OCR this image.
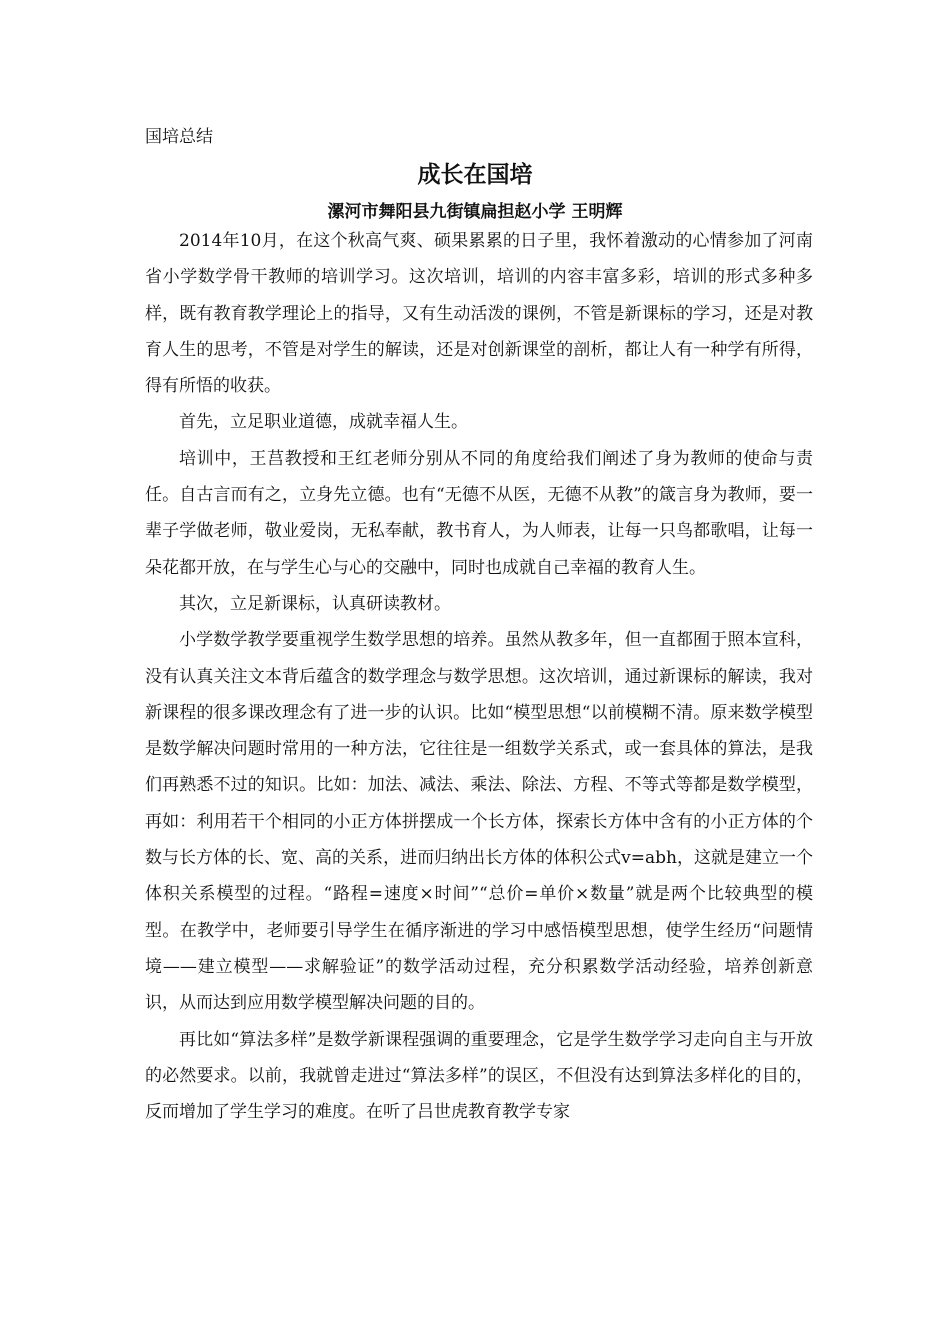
国培总结

成长在国培

漯河市舞阳县九街镇扁担赵小学 王明辉

2014年10月，在这个秋高气爽、硕果累累的日子里，我怀着激动的心情参加了河南省小学数学骨干教师的培训学习。这次培训，培训的内容丰富多彩，培训的形式多种多样，既有教育教学理论上的指导，又有生动活泼的课例，不管是新课标的学习，还是对教育人生的思考，不管是对学生的解读，还是对创新课堂的剖析，都让人有一种学有所得，得有所悟的收获。

首先，立足职业道德，成就幸福人生。

培训中，王莒教授和王红老师分别从不同的角度给我们阐述了身为教师的使命与责任。自古言而有之，立身先立德。也有“无德不从医，无德不从教”的箴言身为教师，要一辈子学做老师，敬业爱岗，无私奉献，教书育人，为人师表，让每一只鸟都歌唱，让每一朵花都开放，在与学生心与心的交融中，同时也成就自己幸福的教育人生。

其次，立足新课标，认真研读教材。

小学数学教学要重视学生数学思想的培养。虽然从教多年，但一直都囿于照本宣科，没有认真关注文本背后蕴含的数学理念与数学思想。这次培训，通过新课标的解读，我对新课程的很多课改理念有了进一步的认识。比如“模型思想“以前模糊不清。原来数学模型是数学解决问题时常用的一种方法，它往往是一组数学关系式，或一套具体的算法，是我们再熟悉不过的知识。比如：加法、减法、乘法、除法、方程、不等式等都是数学模型，再如：利用若干个相同的小正方体拼摆成一个长方体，探索长方体中含有的小正方体的个数与长方体的长、宽、高的关系，进而归纳出长方体的体积公式v=abh，这就是建立一个体积关系模型的过程。“路程=速度×时间”“总价=单价×数量”就是两个比较典型的模型。在教学中，老师要引导学生在循序渐进的学习中感悟模型思想，使学生经历“问题情境——建立模型——求解验证”的数学活动过程，充分积累数学活动经验，培养创新意识，从而达到应用数学模型解决问题的目的。

再比如“算法多样”是数学新课程强调的重要理念，它是学生数学学习走向自主与开放的必然要求。以前，我就曾走进过“算法多样”的误区，不但没有达到算法多样化的目的，反而增加了学生学习的难度。在听了吕世虎教育教学专家
